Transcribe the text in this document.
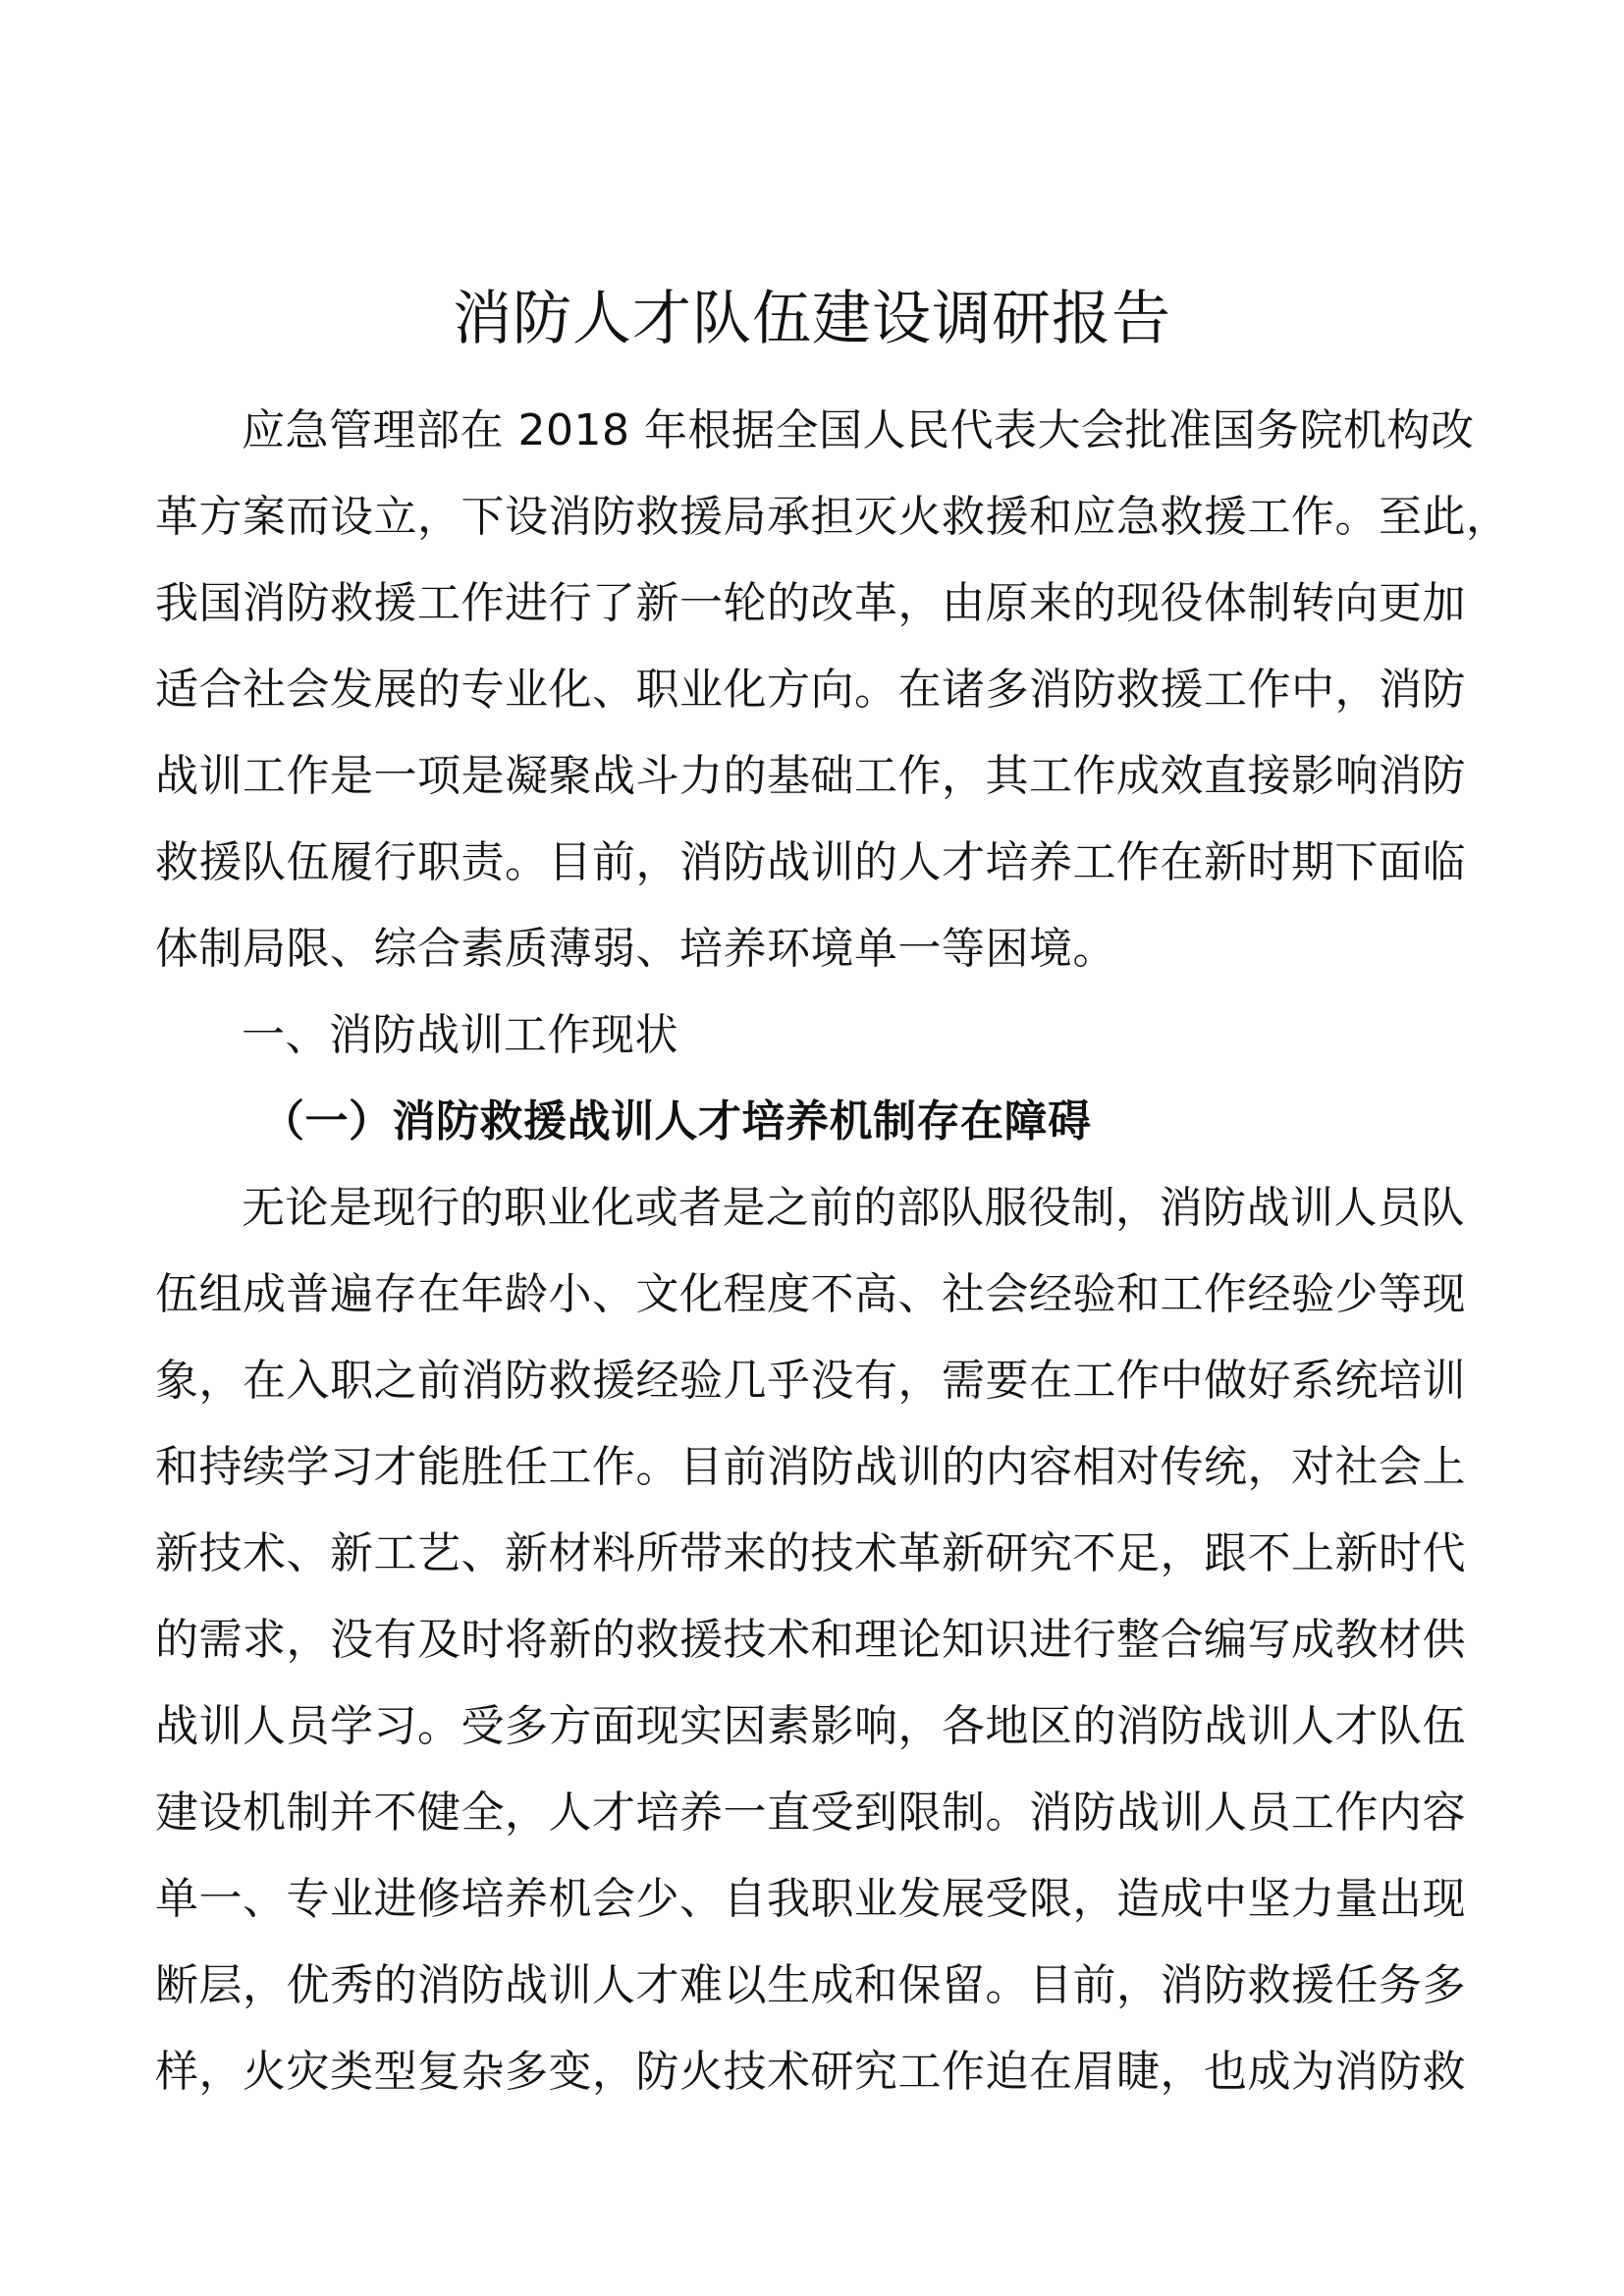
消防人才队伍建设调研报告
应急管理部在 2018 年根据全国人民代表大会批准国务院机构改
革方案而设立，下设消防救援局承担灭火救援和应急救援工作。至此，
我国消防救援工作进行了新一轮的改革，由原来的现役体制转向更加
适合社会发展的专业化、职业化方向。在诸多消防救援工作中，消防
战训工作是一项是凝聚战斗力的基础工作，其工作成效直接影响消防
救援队伍履行职责。目前，消防战训的人才培养工作在新时期下面临
体制局限、综合素质薄弱、培养环境单一等困境。
一、消防战训工作现状
（一）消防救援战训人才培养机制存在障碍
无论是现行的职业化或者是之前的部队服役制，消防战训人员队
伍组成普遍存在年龄小、文化程度不高、社会经验和工作经验少等现
象，在入职之前消防救援经验几乎没有，需要在工作中做好系统培训
和持续学习才能胜任工作。目前消防战训的内容相对传统，对社会上
新技术、新工艺、新材料所带来的技术革新研究不足，跟不上新时代
的需求，没有及时将新的救援技术和理论知识进行整合编写成教材供
战训人员学习。受多方面现实因素影响，各地区的消防战训人才队伍
建设机制并不健全，人才培养一直受到限制。消防战训人员工作内容
单一、专业进修培养机会少、自我职业发展受限，造成中坚力量出现
断层，优秀的消防战训人才难以生成和保留。目前，消防救援任务多
样，火灾类型复杂多变，防火技术研究工作迫在眉睫，也成为消防救
